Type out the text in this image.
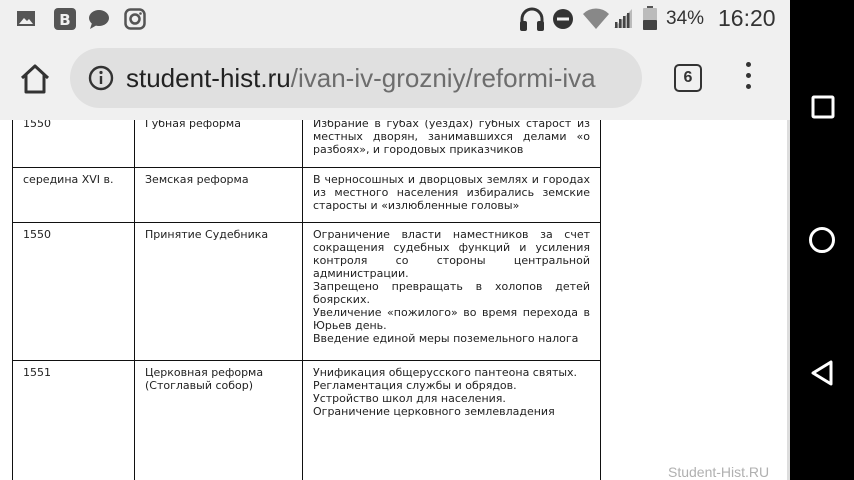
B	34% 16:20
student-hist.ru/ivan-iv-grozniy/reformi-iva	6
1550	Губная реформа	Избрание в губах (уездах) губных старост из местных дворян, занимавшихся делами «о разбоях», и городовых приказчиков

середина XVI в.	Земская реформа	В черносошных и дворцовых землях и городах из местного населения избирались земские старосты и «излюбленные головы»

1550	Принятие Судебника	Ограничение власти наместников за счет сокращения судебных функций и усиления контроля со стороны центральной администрации.
Запрещено превращать в холопов детей боярских.
Увеличение «пожилого» во время перехода в Юрьев день.
Введение единой меры поземельного налога

1551	Церковная реформа (Стоглавый собор)	Унификация общерусского пантеона святых.
Регламентация службы и обрядов.
Устройство школ для населения.
Ограничение церковного землевладения
Student-Hist.RU
